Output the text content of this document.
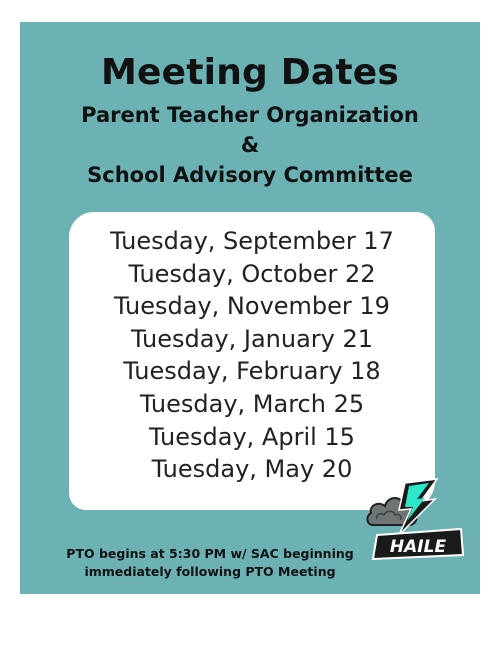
Meeting Dates
Parent Teacher Organization
&
School Advisory Committee
Tuesday, September 17
Tuesday, October 22
Tuesday, November 19
Tuesday, January 21
Tuesday, February 18
Tuesday, March 25
Tuesday, April 15
Tuesday, May 20
HAILE
PTO begins at 5:30 PM w/ SAC beginning
immediately following PTO Meeting
